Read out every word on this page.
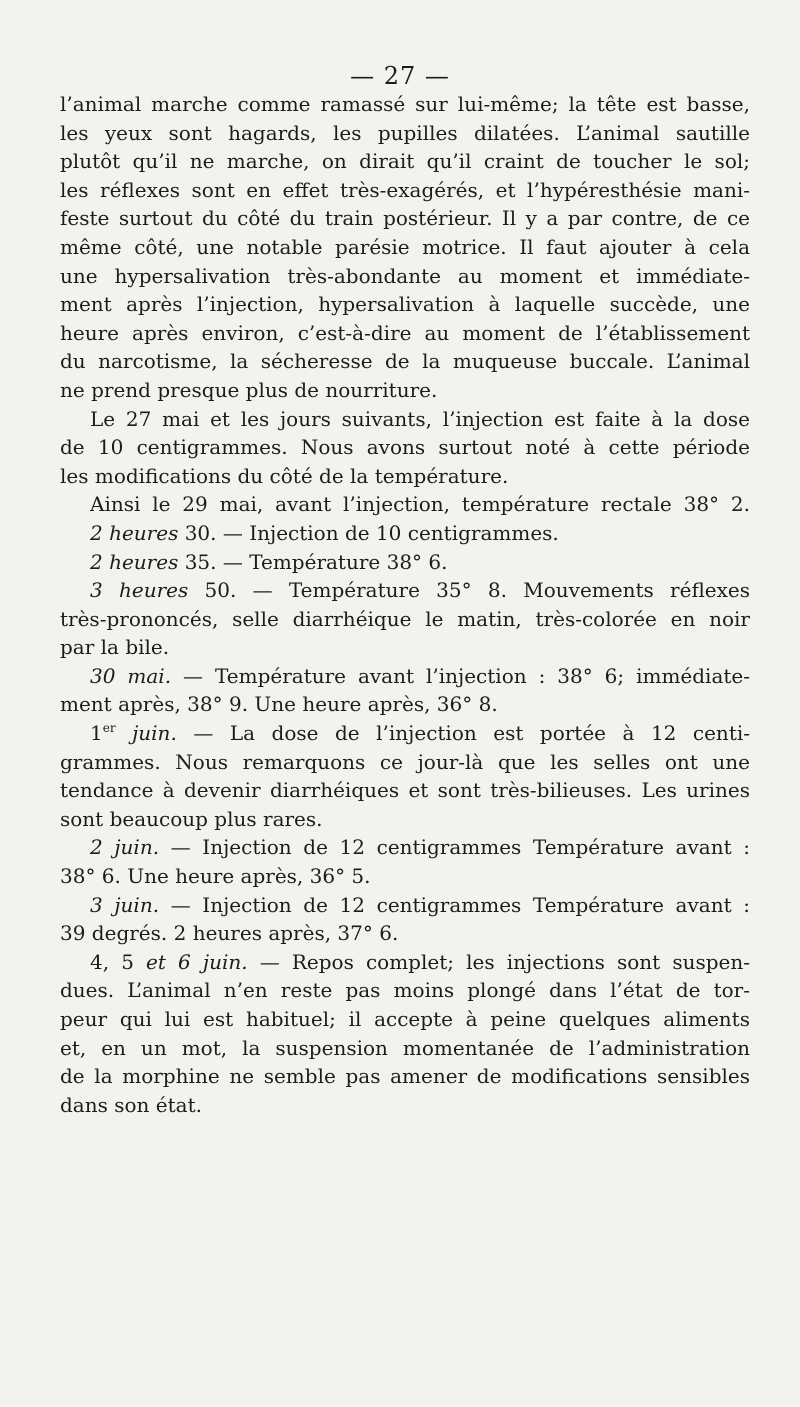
— 27 —
l’animal marche comme ramassé sur lui-même; la tête est basse,
les yeux sont hagards, les pupilles dilatées. L’animal sautille
plutôt qu’il ne marche, on dirait qu’il craint de toucher le sol;
les réflexes sont en effet très-exagérés, et l’hypéresthésie mani-
feste surtout du côté du train postérieur. Il y a par contre, de ce
même côté, une notable parésie motrice. Il faut ajouter à cela
une hypersalivation très-abondante au moment et immédiate-
ment après l’injection, hypersalivation à laquelle succède, une
heure après environ, c’est-à-dire au moment de l’établissement
du narcotisme, la sécheresse de la muqueuse buccale. L’animal
ne prend presque plus de nourriture.
Le 27 mai et les jours suivants, l’injection est faite à la dose
de 10 centigrammes. Nous avons surtout noté à cette période
les modifications du côté de la température.
Ainsi le 29 mai, avant l’injection, température rectale 38° 2.
2 heures 30. — Injection de 10 centigrammes.
2 heures 35. — Température 38° 6.
3 heures 50. — Température 35° 8. Mouvements réflexes
très-prononcés, selle diarrhéique le matin, très-colorée en noir
par la bile.
30 mai. — Température avant l’injection : 38° 6; immédiate-
ment après, 38° 9. Une heure après, 36° 8.
1er juin. — La dose de l’injection est portée à 12 centi-
grammes. Nous remarquons ce jour-là que les selles ont une
tendance à devenir diarrhéiques et sont très-bilieuses. Les urines
sont beaucoup plus rares.
2 juin. — Injection de 12 centigrammes Température avant :
38° 6. Une heure après, 36° 5.
3 juin. — Injection de 12 centigrammes Température avant :
39 degrés. 2 heures après, 37° 6.
4, 5 et 6 juin. — Repos complet; les injections sont suspen-
dues. L’animal n’en reste pas moins plongé dans l’état de tor-
peur qui lui est habituel; il accepte à peine quelques aliments
et, en un mot, la suspension momentanée de l’administration
de la morphine ne semble pas amener de modifications sensibles
dans son état.
